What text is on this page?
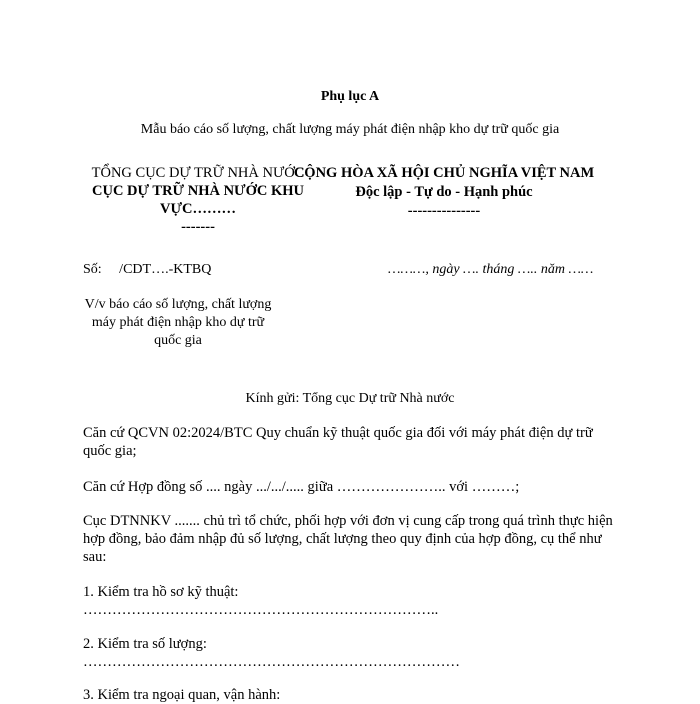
Phụ lục A

Mẫu báo cáo số lượng, chất lượng máy phát điện nhập kho dự trữ quốc gia

TỔNG CỤC DỰ TRỮ NHÀ NƯỚC
CỤC DỰ TRỮ NHÀ NƯỚC KHU VỰC………
-------
CỘNG HÒA XÃ HỘI CHỦ NGHĨA VIỆT NAM
Độc lập - Tự do - Hạnh phúc
---------------

Số:     /CDT….-KTBQ	………, ngày …. tháng ….. năm ……

V/v báo cáo số lượng, chất lượng máy phát điện nhập kho dự trữ quốc gia

Kính gửi: Tổng cục Dự trữ Nhà nước

Căn cứ QCVN 02:2024/BTC Quy chuẩn kỹ thuật quốc gia đối với máy phát điện dự trữ quốc gia;

Căn cứ Hợp đồng số .... ngày .../.../..... giữa ………………….. với ………;

Cục DTNNKV ....... chủ trì tổ chức, phối hợp với đơn vị cung cấp trong quá trình thực hiện hợp đồng, bảo đảm nhập đủ số lượng, chất lượng theo quy định của hợp đồng, cụ thể như sau:

1. Kiểm tra hồ sơ kỹ thuật:

………………………………………………………………..

2. Kiểm tra số lượng:

……………………………………………………………………

3. Kiểm tra ngoại quan, vận hành:
